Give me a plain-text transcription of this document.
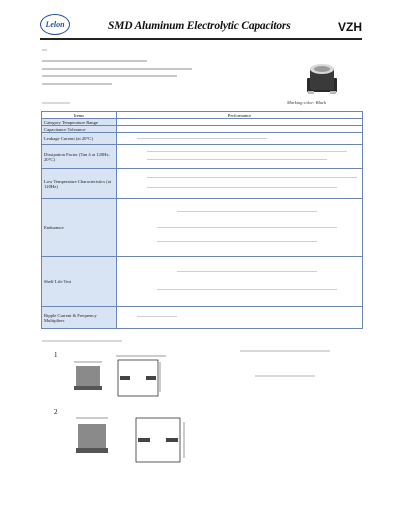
Lelon	SMD Aluminum Electrolytic Capacitors	VZH
Marking color: Black
Items	Performance
Category Temperature Range	
Capacitance Tolerance	
Leakage Current (at 20°C)	

Dissipation Factor (Tan δ at 120Hz, 20°C)	

Low Temperature Characteristics (at 120Hz)	

Endurance	

Shelf Life Test	

Ripple Current & Frequency Multipliers	
1
2
